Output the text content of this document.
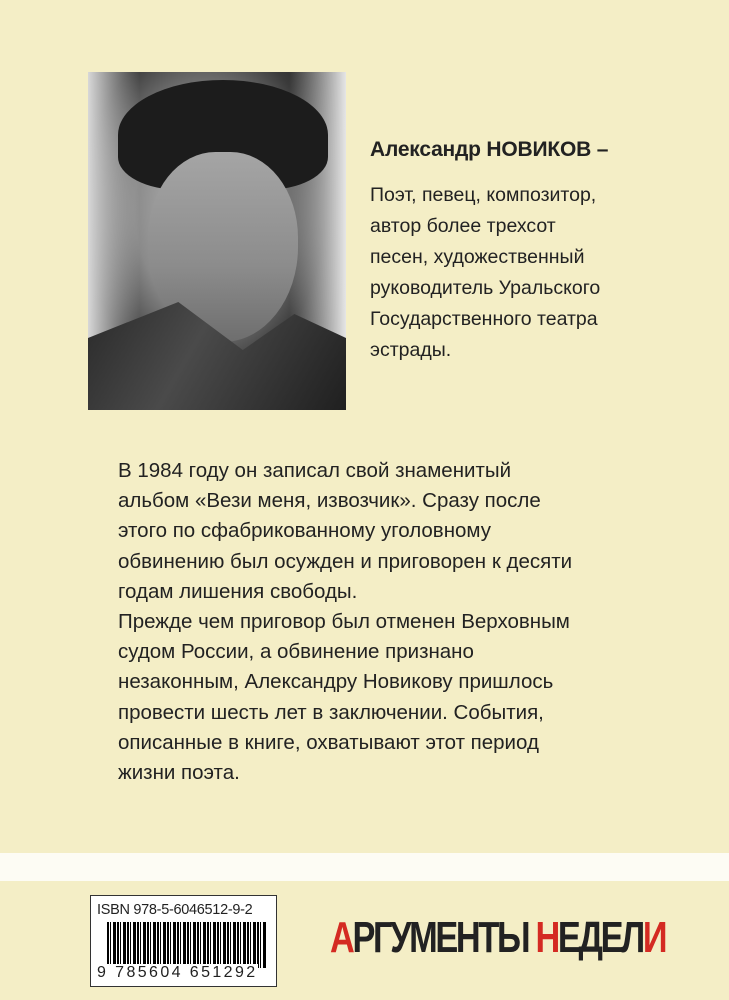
Александр НОВИКОВ –
Поэт, певец, композитор,
автор более трехсот
песен, художественный
руководитель Уральского
Государственного театра
эстрады.
В 1984 году он записал свой знаменитый
альбом «Вези меня, извозчик». Сразу после
этого по сфабрикованному уголовному
обвинению был осужден и приговорен к десяти
годам лишения свободы.
Прежде чем приговор был отменен Верховным
судом России, а обвинение признано
незаконным, Александру Новикову пришлось
провести шесть лет в заключении. События,
описанные в книге, охватывают этот период
жизни поэта.
ISBN 978-5-6046512-9-2
9 785604 651292
АРГУМЕНТЫ НЕДЕЛИ
